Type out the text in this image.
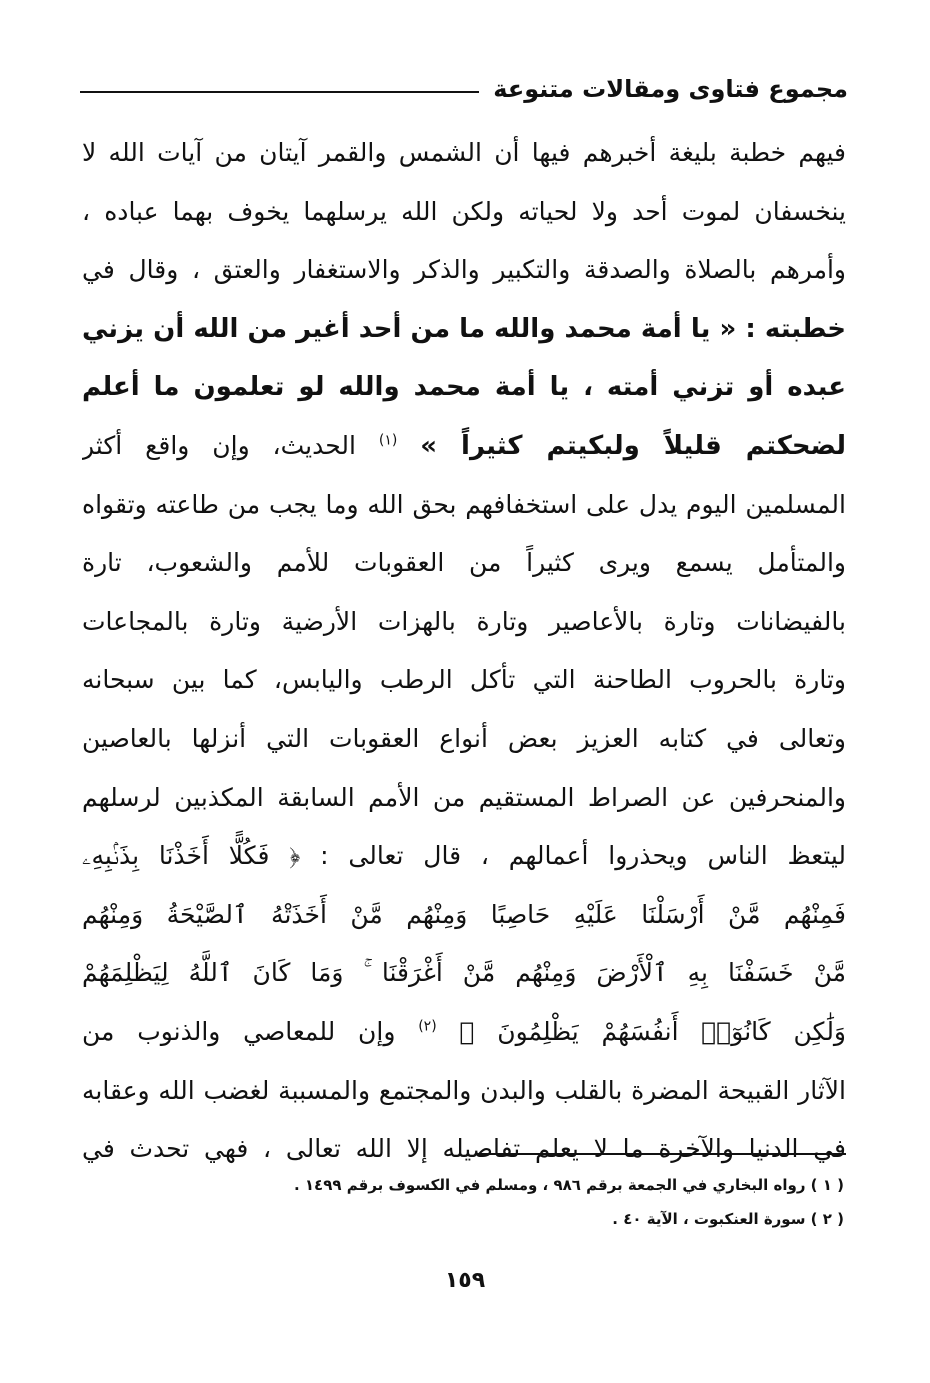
مجموع فتاوى ومقالات متنوعة
فيهم خطبة بليغة أخبرهم فيها أن الشمس والقمر آيتان من آيات الله لا
ينخسفان لموت أحد ولا لحياته ولكن الله يرسلهما يخوف بهما عباده ،
وأمرهم بالصلاة والصدقة والتكبير والذكر والاستغفار والعتق ، وقال في
خطبته : « يا أمة محمد والله ما من أحد أغير من الله أن يزني
عبده أو تزني أمته ، يا أمة محمد والله لو تعلمون ما أعلم
لضحكتم قليلاً ولبكيتم كثيراً » $^{(١)}$ الحديث، وإن واقع أكثر
المسلمين اليوم يدل على استخفافهم بحق الله وما يجب من طاعته وتقواه
والمتأمل يسمع ويرى كثيراً من العقوبات للأمم والشعوب، تارة
بالفيضانات وتارة بالأعاصير وتارة بالهزات الأرضية وتارة بالمجاعات
وتارة بالحروب الطاحنة التي تأكل الرطب واليابس، كما بين سبحانه
وتعالى في كتابه العزيز بعض أنواع العقوبات التي أنزلها بالعاصين
والمنحرفين عن الصراط المستقيم من الأمم السابقة المكذبين لرسلهم
ليتعظ الناس ويحذروا أعمالهم ، قال تعالى : ﴿ فَكُلًّا أَخَذْنَا بِذَنۢبِهِۦ
فَمِنْهُم مَّنْ أَرْسَلْنَا عَلَيْهِ حَاصِبًا وَمِنْهُم مَّنْ أَخَذَتْهُ ٱلصَّيْحَةُ وَمِنْهُم
مَّنْ خَسَفْنَا بِهِ ٱلْأَرْضَ وَمِنْهُم مَّنْ أَغْرَقْنَا ۚ وَمَا كَانَ ٱللَّهُ لِيَظْلِمَهُمْ
وَلَٰكِن كَانُوٓا۟ أَنفُسَهُمْ يَظْلِمُونَ ﴾ $^{(٢)}$ وإن للمعاصي والذنوب من
الآثار القبيحة المضرة بالقلب والبدن والمجتمع والمسببة لغضب الله وعقابه
في الدنيا والآخرة ما لا يعلم تفاصيله إلا الله تعالى ، فهي تحدث في
( ١ ) رواه البخاري في الجمعة برقم ٩٨٦ ، ومسلم في الكسوف برقم ١٤٩٩ .
( ٢ ) سورة العنكبوت ، الآية ٤٠ .
١٥٩
